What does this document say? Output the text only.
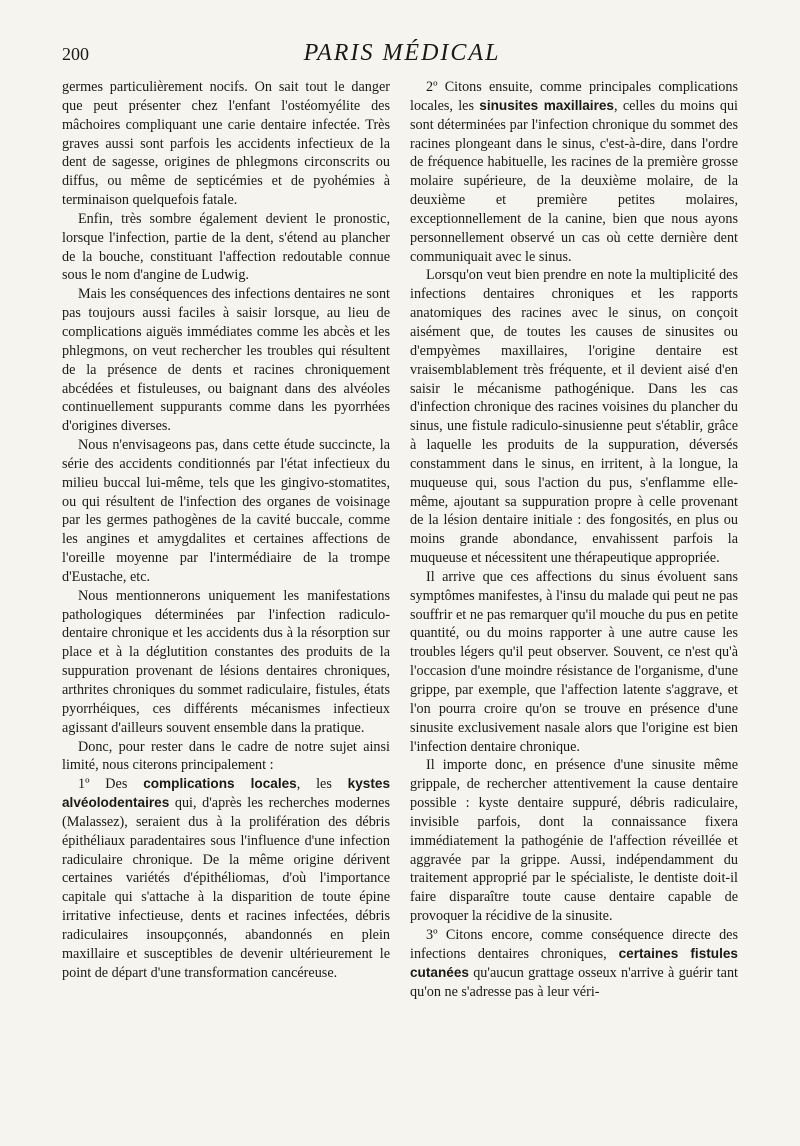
200	PARIS MÉDICAL

germes particulièrement nocifs. On sait tout le danger que peut présenter chez l'enfant l'ostéomyélite des mâchoires compliquant une carie dentaire infectée. Très graves aussi sont parfois les accidents infectieux de la dent de sagesse, origines de phlegmons circonscrits ou diffus, ou même de septicémies et de pyohémies à terminaison quelquefois fatale.

Enfin, très sombre également devient le pronostic, lorsque l'infection, partie de la dent, s'étend au plancher de la bouche, constituant l'affection redoutable connue sous le nom d'angine de Ludwig.

Mais les conséquences des infections dentaires ne sont pas toujours aussi faciles à saisir lorsque, au lieu de complications aiguës immédiates comme les abcès et les phlegmons, on veut rechercher les troubles qui résultent de la présence de dents et racines chroniquement abcédées et fistuleuses, ou baignant dans des alvéoles continuellement suppurants comme dans les pyorrhées d'origines diverses.

Nous n'envisageons pas, dans cette étude succincte, la série des accidents conditionnés par l'état infectieux du milieu buccal lui-même, tels que les gingivo-stomatites, ou qui résultent de l'infection des organes de voisinage par les germes pathogènes de la cavité buccale, comme les angines et amygdalites et certaines affections de l'oreille moyenne par l'intermédiaire de la trompe d'Eustache, etc.

Nous mentionnerons uniquement les manifestations pathologiques déterminées par l'infection radiculo-dentaire chronique et les accidents dus à la résorption sur place et à la déglutition constantes des produits de la suppuration provenant de lésions dentaires chroniques, arthrites chroniques du sommet radiculaire, fistules, états pyorrhéiques, ces différents mécanismes infectieux agissant d'ailleurs souvent ensemble dans la pratique.

Donc, pour rester dans le cadre de notre sujet ainsi limité, nous citerons principalement :

1º Des complications locales, les kystes alvéolodentaires qui, d'après les recherches modernes (Malassez), seraient dus à la prolifération des débris épithéliaux paradentaires sous l'influence d'une infection radiculaire chronique. De la même origine dérivent certaines variétés d'épithéliomas, d'où l'importance capitale qui s'attache à la disparition de toute épine irritative infectieuse, dents et racines infectées, débris radiculaires insoupçonnés, abandonnés en plein maxillaire et susceptibles de devenir ultérieurement le point de départ d'une transformation cancéreuse.

2º Citons ensuite, comme principales complications locales, les sinusites maxillaires, celles du moins qui sont déterminées par l'infection chronique du sommet des racines plongeant dans le sinus, c'est-à-dire, dans l'ordre de fréquence habituelle, les racines de la première grosse molaire supérieure, de la deuxième molaire, de la deuxième et première petites molaires, exceptionnellement de la canine, bien que nous ayons personnellement observé un cas où cette dernière dent communiquait avec le sinus.

Lorsqu'on veut bien prendre en note la multiplicité des infections dentaires chroniques et les rapports anatomiques des racines avec le sinus, on conçoit aisément que, de toutes les causes de sinusites ou d'empyèmes maxillaires, l'origine dentaire est vraisemblablement très fréquente, et il devient aisé d'en saisir le mécanisme pathogénique. Dans les cas d'infection chronique des racines voisines du plancher du sinus, une fistule radiculo-sinusienne peut s'établir, grâce à laquelle les produits de la suppuration, déversés constamment dans le sinus, en irritent, à la longue, la muqueuse qui, sous l'action du pus, s'enflamme elle-même, ajoutant sa suppuration propre à celle provenant de la lésion dentaire initiale : des fongosités, en plus ou moins grande abondance, envahissent parfois la muqueuse et nécessitent une thérapeutique appropriée.

Il arrive que ces affections du sinus évoluent sans symptômes manifestes, à l'insu du malade qui peut ne pas souffrir et ne pas remarquer qu'il mouche du pus en petite quantité, ou du moins rapporter à une autre cause les troubles légers qu'il peut observer. Souvent, ce n'est qu'à l'occasion d'une moindre résistance de l'organisme, d'une grippe, par exemple, que l'affection latente s'aggrave, et l'on pourra croire qu'on se trouve en présence d'une sinusite exclusivement nasale alors que l'origine est bien l'infection dentaire chronique.

Il importe donc, en présence d'une sinusite même grippale, de rechercher attentivement la cause dentaire possible : kyste dentaire suppuré, débris radiculaire, invisible parfois, dont la connaissance fixera immédiatement la pathogénie de l'affection réveillée et aggravée par la grippe. Aussi, indépendamment du traitement approprié par le spécialiste, le dentiste doit-il faire disparaître toute cause dentaire capable de provoquer la récidive de la sinusite.

3º Citons encore, comme conséquence directe des infections dentaires chroniques, certaines fistules cutanées qu'aucun grattage osseux n'arrive à guérir tant qu'on ne s'adresse pas à leur véri-
